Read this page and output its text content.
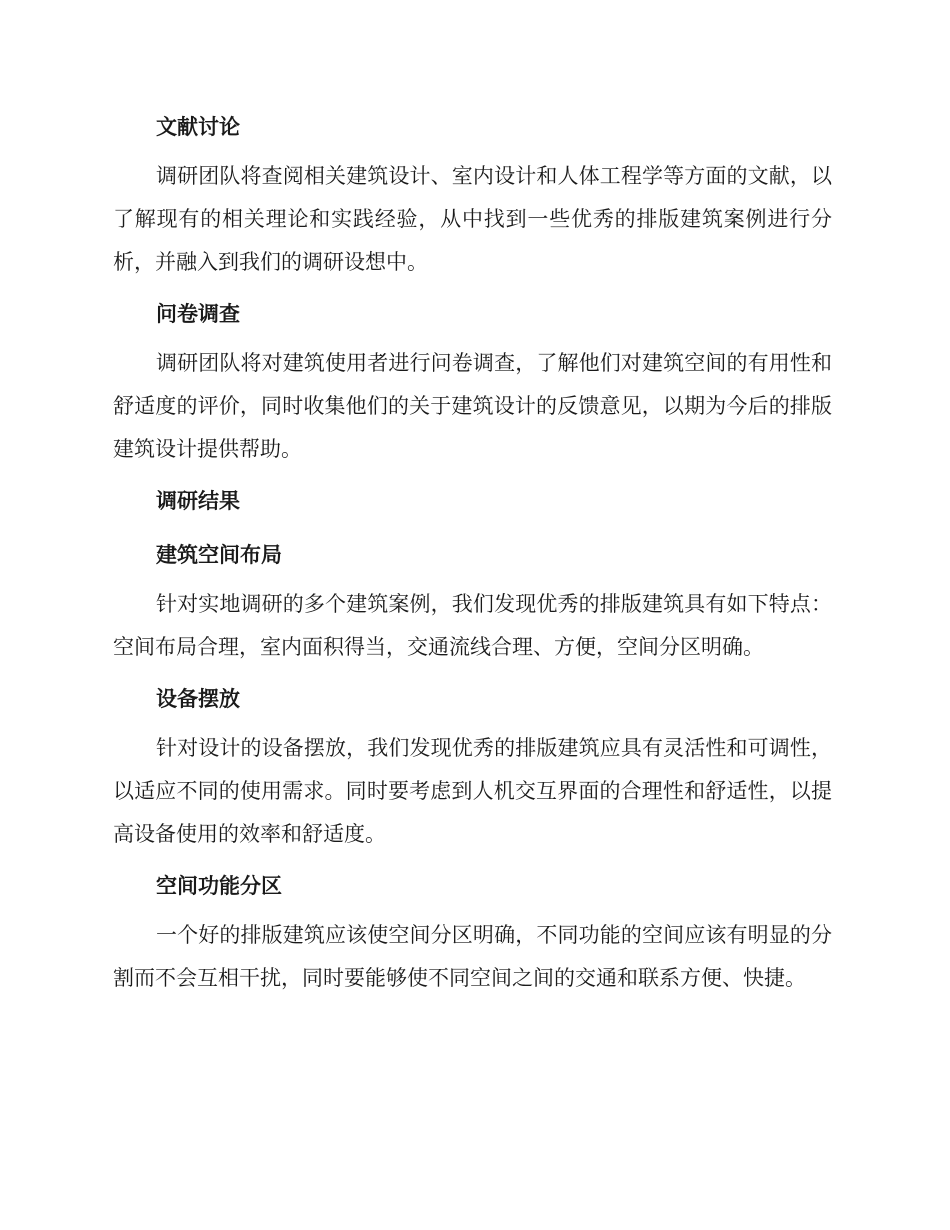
文献讨论

调研团队将查阅相关建筑设计、室内设计和人体工程学等方面的文献，以了解现有的相关理论和实践经验，从中找到一些优秀的排版建筑案例进行分析，并融入到我们的调研设想中。

问卷调查

调研团队将对建筑使用者进行问卷调查，了解他们对建筑空间的有用性和舒适度的评价，同时收集他们的关于建筑设计的反馈意见，以期为今后的排版建筑设计提供帮助。

调研结果
建筑空间布局

针对实地调研的多个建筑案例，我们发现优秀的排版建筑具有如下特点：空间布局合理，室内面积得当，交通流线合理、方便，空间分区明确。

设备摆放

针对设计的设备摆放，我们发现优秀的排版建筑应具有灵活性和可调性，以适应不同的使用需求。同时要考虑到人机交互界面的合理性和舒适性，以提高设备使用的效率和舒适度。

空间功能分区

一个好的排版建筑应该使空间分区明确，不同功能的空间应该有明显的分割而不会互相干扰，同时要能够使不同空间之间的交通和联系方便、快捷。
